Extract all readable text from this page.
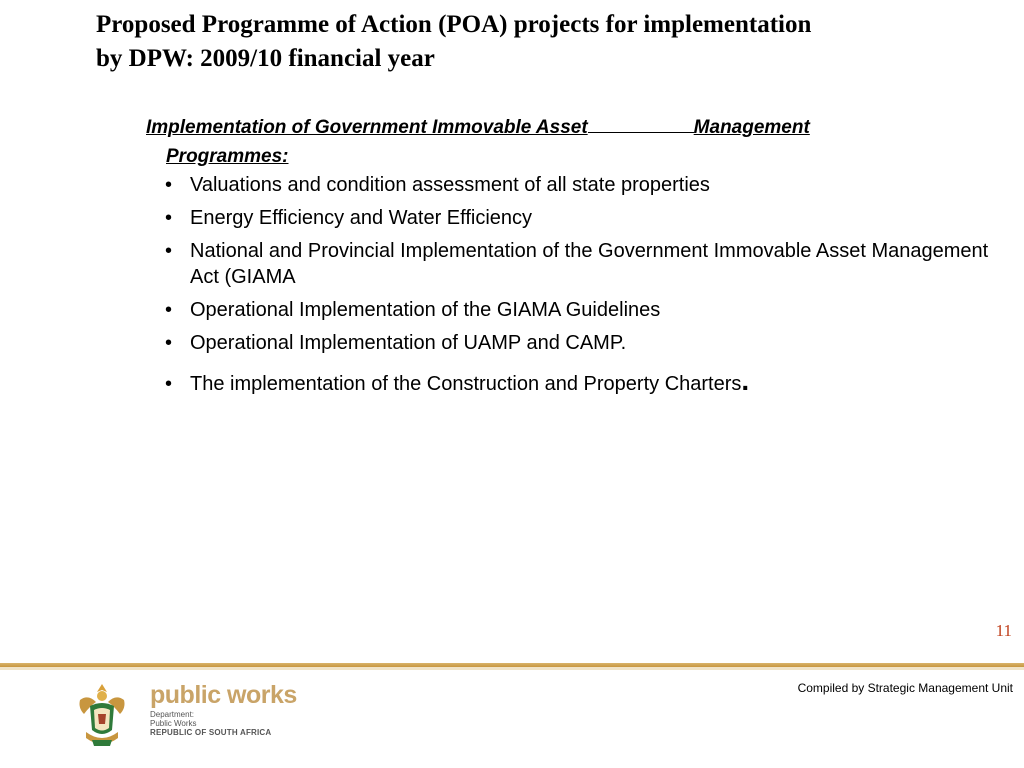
Proposed Programme of Action (POA) projects for implementation
by DPW: 2009/10 financial year
Implementation of Government Immovable Asset	Management
Programmes:
• Valuations and condition assessment of all state properties
• Energy Efficiency and Water Efficiency
• National and Provincial Implementation of the Government Immovable Asset Management Act (GIAMA
• Operational Implementation of the GIAMA Guidelines
• Operational Implementation of UAMP and CAMP.
• The implementation of the Construction and Property Charters.
11
Compiled by Strategic Management Unit
public works
Department:
Public Works
REPUBLIC OF SOUTH AFRICA
